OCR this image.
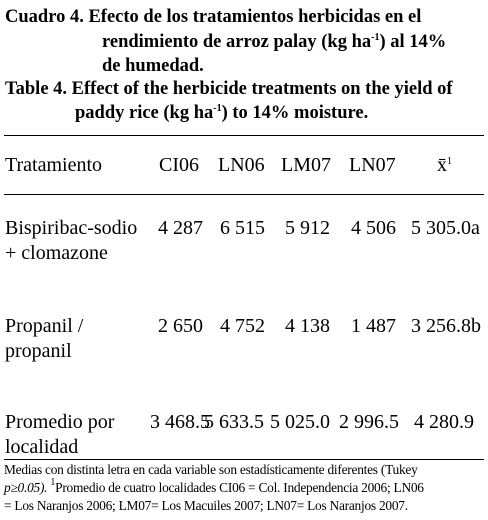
Cuadro 4. Efecto de los tratamientos herbicidas en el
rendimiento de arroz palay (kg $ha^{-1}$) al 14%
de humedad.
Table 4. Effect of the herbicide treatments on the yield of
paddy rice (kg $ha^{-1}$) to 14% moisture.
Tratamiento	CI06 LN06 LM07 LN07 x̄$^1$
Bispiribac-sodio
+ clomazone
4 287 6 515 5 912 4 506 5 305.0a
Propanil /
propanil
2 650 4 752 4 138 1 487 3 256.8b
Promedio por
localidad
3 468.5
5 633.5 5 025.0 2 996.5 4 280.9
Medias con distinta letra en cada variable son estadísticamente diferentes (Tukey
p≥0.05). $^1$Promedio de cuatro localidades CI06 = Col. Independencia 2006; LN06
= Los Naranjos 2006; LM07= Los Macuiles 2007; LN07= Los Naranjos 2007.
